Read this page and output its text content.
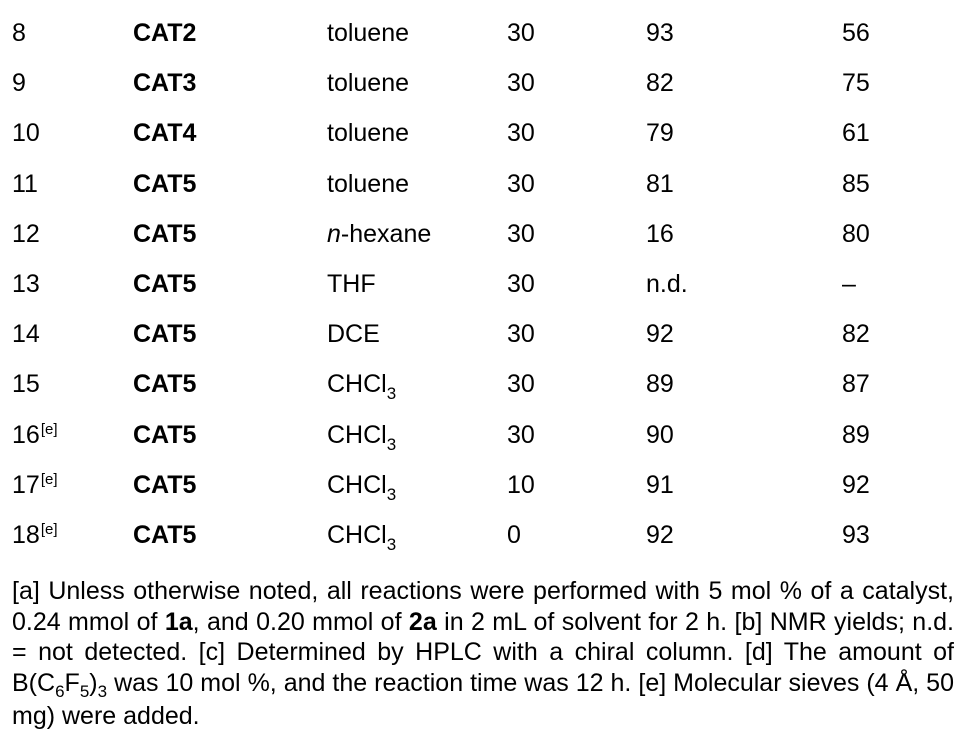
8	CAT2	toluene	30	93	56
9	CAT3	toluene	30	82	75
10	CAT4	toluene	30	79	61
11	CAT5	toluene	30	81	85
12	CAT5	n-hexane	30	16	80
13	CAT5	THF	30	n.d.	–
14	CAT5	DCE	30	92	82
15	CAT5	CHCl$_3$	30	89	87
16[e]	CAT5	CHCl$_3$	30	90	89
17[e]	CAT5	CHCl$_3$	10	91	92
18[e]	CAT5	CHCl$_3$	0	92	93
[a] Unless otherwise noted, all reactions were performed with 5 mol % of a catalyst, 0.24 mmol of 1a, and 0.20 mmol of 2a in 2 mL of solvent for 2 h. [b] NMR yields; n.d. = not detected. [c] Determined by HPLC with a chiral column. [d] The amount of $B(C_6F_5)_3$ was 10 mol %, and the reaction time was 12 h. [e] Molecular sieves (4 Å, 50 mg) were added.
